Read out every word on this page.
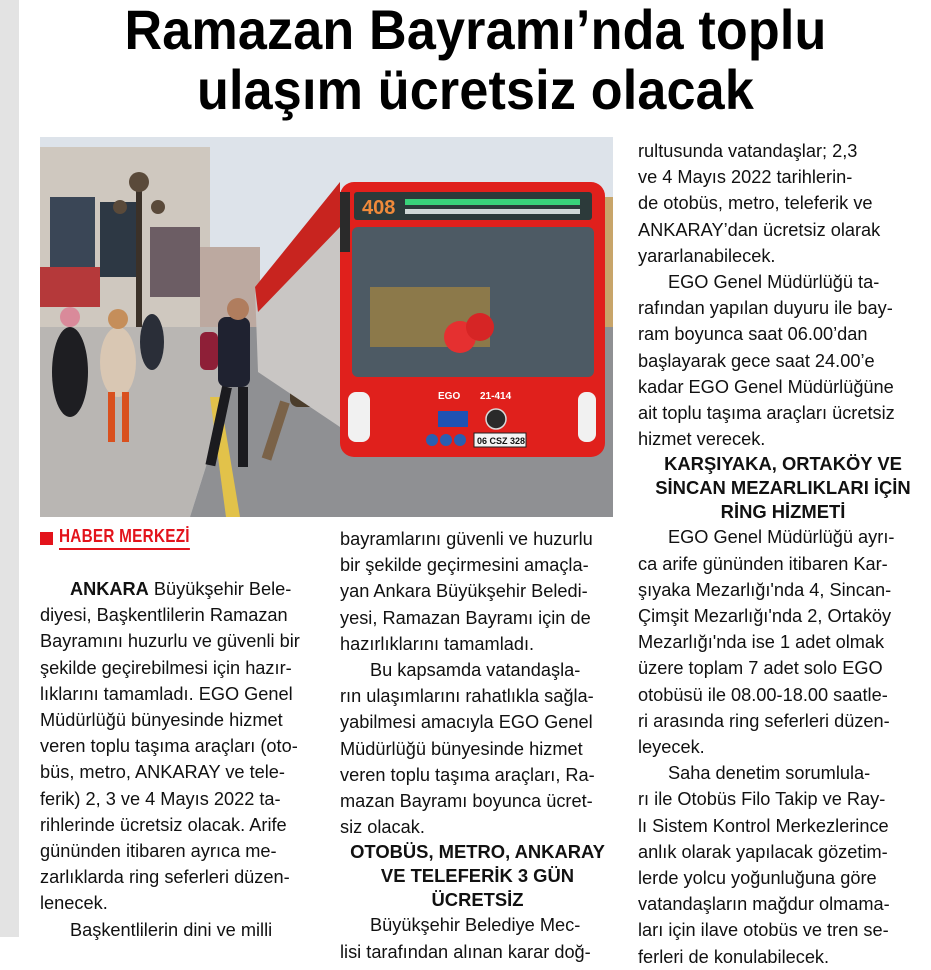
Ramazan Bayramı’nda toplu
ulaşım ücretsiz olacak
408
EGO 21-414
06 CSZ 328
HABER MERKEZİ

ANKARA Büyükşehir Bele-
diyesi, Başkentlilerin Ramazan
Bayramını huzurlu ve güvenli bir
şekilde geçirebilmesi için hazır-
lıklarını tamamladı. EGO Genel
Müdürlüğü bünyesinde hizmet
veren toplu taşıma araçları (oto-
büs, metro, ANKARAY ve tele-
ferik) 2, 3 ve 4 Mayıs 2022 ta-
rihlerinde ücretsiz olacak. Arife
gününden itibaren ayrıca me-
zarlıklarda ring seferleri düzen-
lenecek.

Başkentlilerin dini ve milli

bayramlarını güvenli ve huzurlu
bir şekilde geçirmesini amaçla-
yan Ankara Büyükşehir Beledi-
yesi, Ramazan Bayramı için de
hazırlıklarını tamamladı.

Bu kapsamda vatandaşla-
rın ulaşımlarını rahatlıkla sağla-
yabilmesi amacıyla EGO Genel
Müdürlüğü bünyesinde hizmet
veren toplu taşıma araçları, Ra-
mazan Bayramı boyunca ücret-
siz olacak.

OTOBÜS, METRO, ANKARAY
VE TELEFERİK 3 GÜN
ÜCRETSİZ

Büyükşehir Belediye Mec-
lisi tarafından alınan karar doğ-

rultusunda vatandaşlar; 2,3
ve 4 Mayıs 2022 tarihlerin-
de otobüs, metro, teleferik ve
ANKARAY’dan ücretsiz olarak
yararlanabilecek.

EGO Genel Müdürlüğü ta-
rafından yapılan duyuru ile bay-
ram boyunca saat 06.00’dan
başlayarak gece saat 24.00’e
kadar EGO Genel Müdürlüğüne
ait toplu taşıma araçları ücretsiz
hizmet verecek.

KARŞIYAKA, ORTAKÖY VE
SİNCAN MEZARLIKLARI İÇİN
RİNG HİZMETİ

EGO Genel Müdürlüğü ayrı-
ca arife gününden itibaren Kar-
şıyaka Mezarlığı'nda 4, Sincan-
Çimşit Mezarlığı'nda 2, Ortaköy
Mezarlığı'nda ise 1 adet olmak
üzere toplam 7 adet solo EGO
otobüsü ile 08.00-18.00 saatle-
ri arasında ring seferleri düzen-
leyecek.

Saha denetim sorumlula-
rı ile Otobüs Filo Takip ve Ray-
lı Sistem Kontrol Merkezlerince
anlık olarak yapılacak gözetim-
lerde yolcu yoğunluğuna göre
vatandaşların mağdur olmama-
ları için ilave otobüs ve tren se-
ferleri de konulabilecek.
